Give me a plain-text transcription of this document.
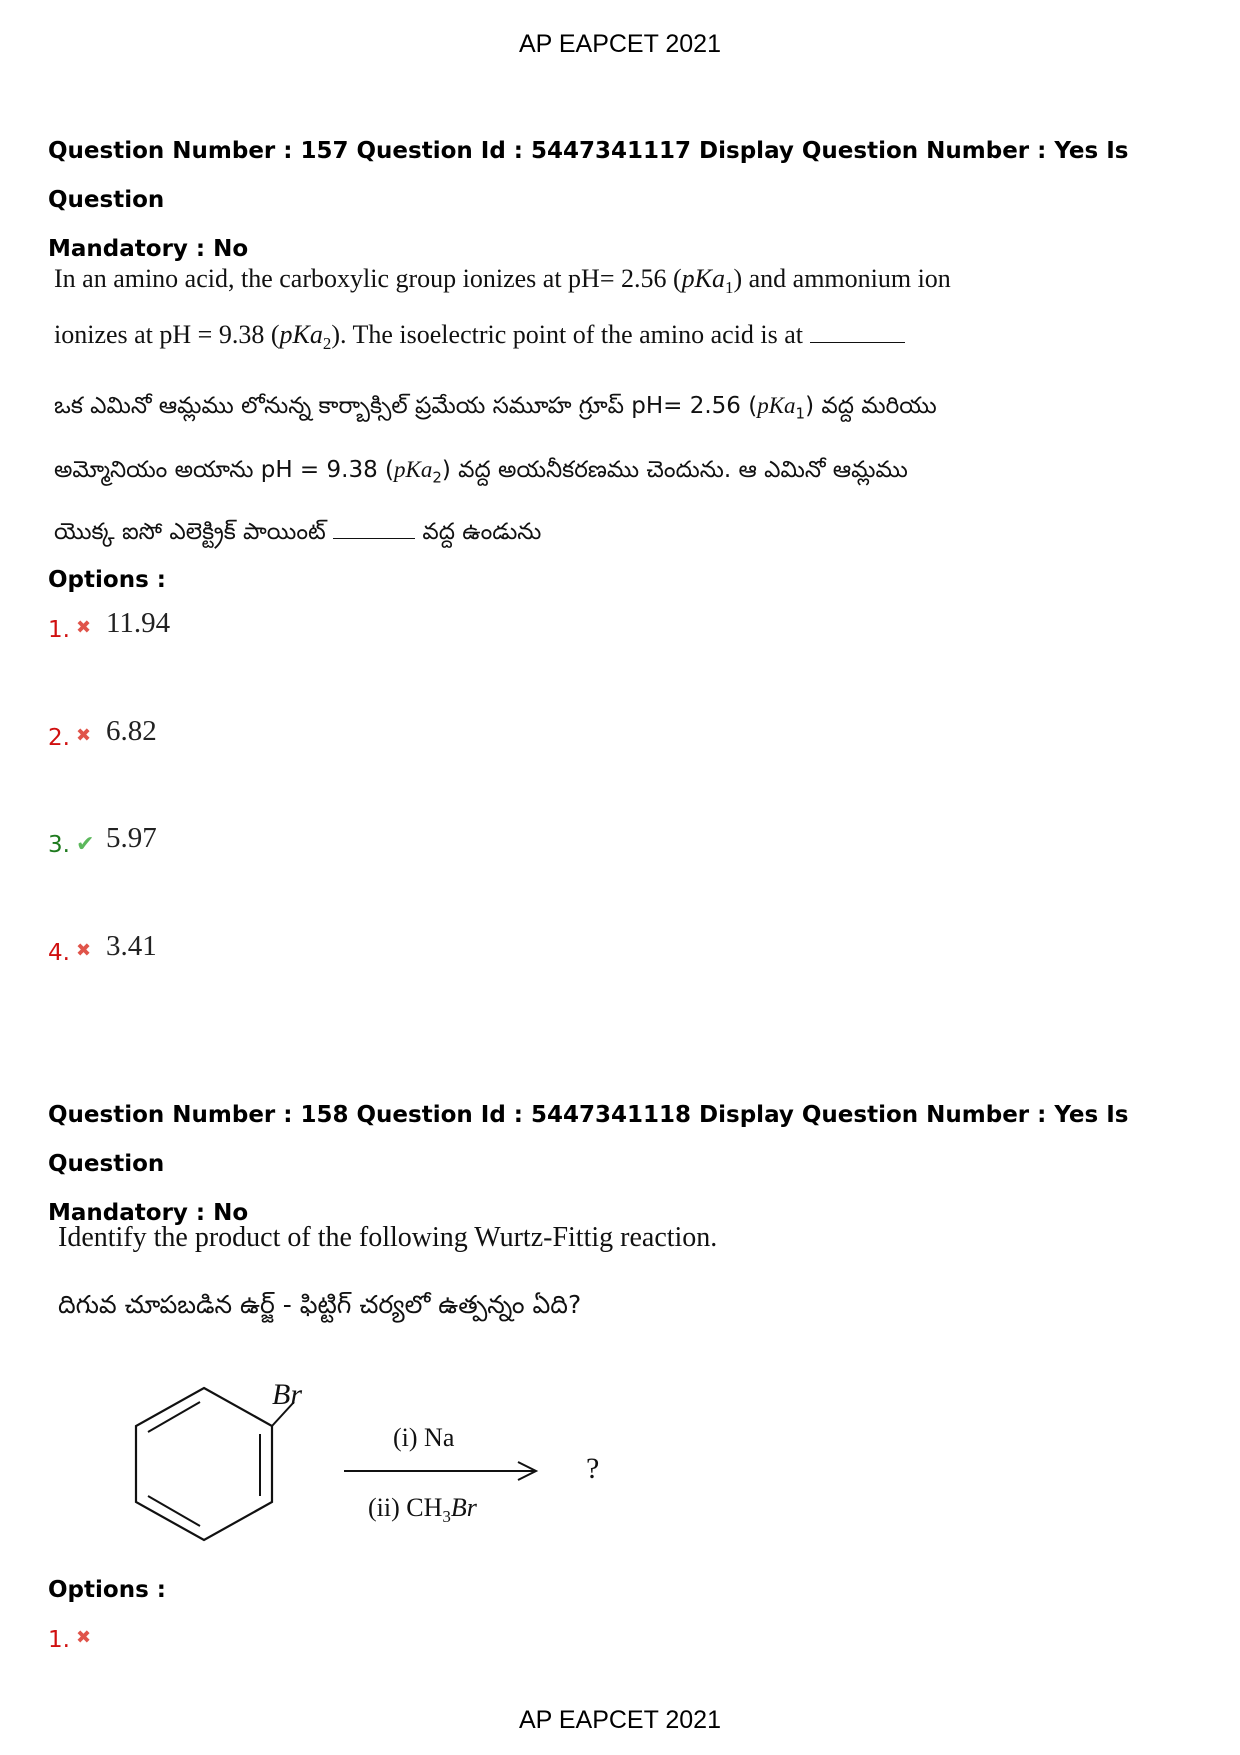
AP EAPCET 2021
Question Number : 157 Question Id : 5447341117 Display Question Number : Yes Is Question
Mandatory : No
In an amino acid, the carboxylic group ionizes at pH= 2.56 (pKa$_1$) and ammonium ion
ionizes at pH = 9.38 (pKa$_2$). The isoelectric point of the amino acid is at
ఒక ఎమినో ఆమ్లము లోనున్న కార్బాక్సిల్ ప్రమేయ సమూహ గ్రూప్ pH= 2.56 (pKa$_1$) వద్ద మరియు
అమ్మోనియం అయాను pH = 9.38 (pKa$_2$) వద్ద అయనీకరణము చెందును. ఆ ఎమినో ఆమ్లము
యొక్క ఐసో ఎలెక్ట్రిక్ పాయింట్	వద్ద ఉండును
Options :
1. ✖ 11.94
2. ✖ 6.82
3. ✔ 5.97
4. ✖ 3.41
Question Number : 158 Question Id : 5447341118 Display Question Number : Yes Is Question
Mandatory : No
Identify the product of the following Wurtz-Fittig reaction.
దిగువ చూపబడిన ఉర్జ్ - ఫిట్టిగ్ చర్యలో ఉత్పన్నం ఏది?
Br
(i) Na
(ii) $CH_3Br$
?
Options :
1. ✖
AP EAPCET 2021
